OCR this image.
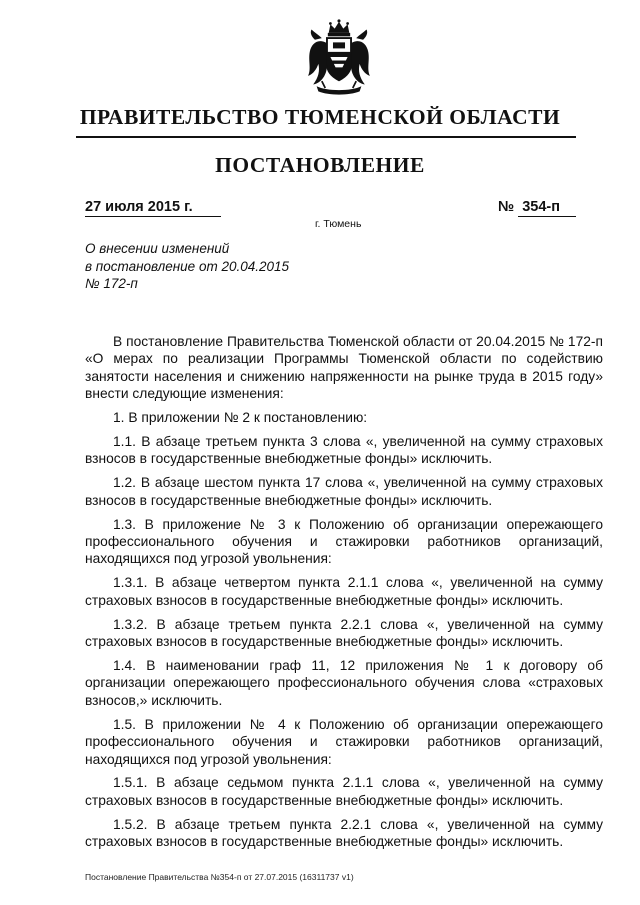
ПРАВИТЕЛЬСТВО ТЮМЕНСКОЙ ОБЛАСТИ
ПОСТАНОВЛЕНИЕ
27 июля 2015 г.	№ 354-п
г. Тюмень
О внесении изменений
в постановление от 20.04.2015
№ 172-п

В постановление Правительства Тюменской области от 20.04.2015 № 172-п «О мерах по реализации Программы Тюменской области по содействию занятости населения и снижению напряженности на рынке труда в 2015 году» внести следующие изменения:

1. В приложении № 2 к постановлению:

1.1. В абзаце третьем пункта 3 слова «, увеличенной на сумму страховых взносов в государственные внебюджетные фонды» исключить.

1.2. В абзаце шестом пункта 17 слова «, увеличенной на сумму страховых взносов в государственные внебюджетные фонды» исключить.

1.3. В приложение № 3 к Положению об организации опережающего профессионального обучения и стажировки работников организаций, находящихся под угрозой увольнения:

1.3.1. В абзаце четвертом пункта 2.1.1 слова «, увеличенной на сумму страховых взносов в государственные внебюджетные фонды» исключить.

1.3.2. В абзаце третьем пункта 2.2.1 слова «, увеличенной на сумму страховых взносов в государственные внебюджетные фонды» исключить.

1.4. В наименовании граф 11, 12 приложения № 1 к договору об организации опережающего профессионального обучения слова «страховых взносов,» исключить.

1.5. В приложении № 4 к Положению об организации опережающего профессионального обучения и стажировки работников организаций, находящихся под угрозой увольнения:

1.5.1. В абзаце седьмом пункта 2.1.1 слова «, увеличенной на сумму страховых взносов в государственные внебюджетные фонды» исключить.

1.5.2. В абзаце третьем пункта 2.2.1 слова «, увеличенной на сумму страховых взносов в государственные внебюджетные фонды» исключить.

Постановление Правительства №354-п от 27.07.2015 (16311737 v1)
